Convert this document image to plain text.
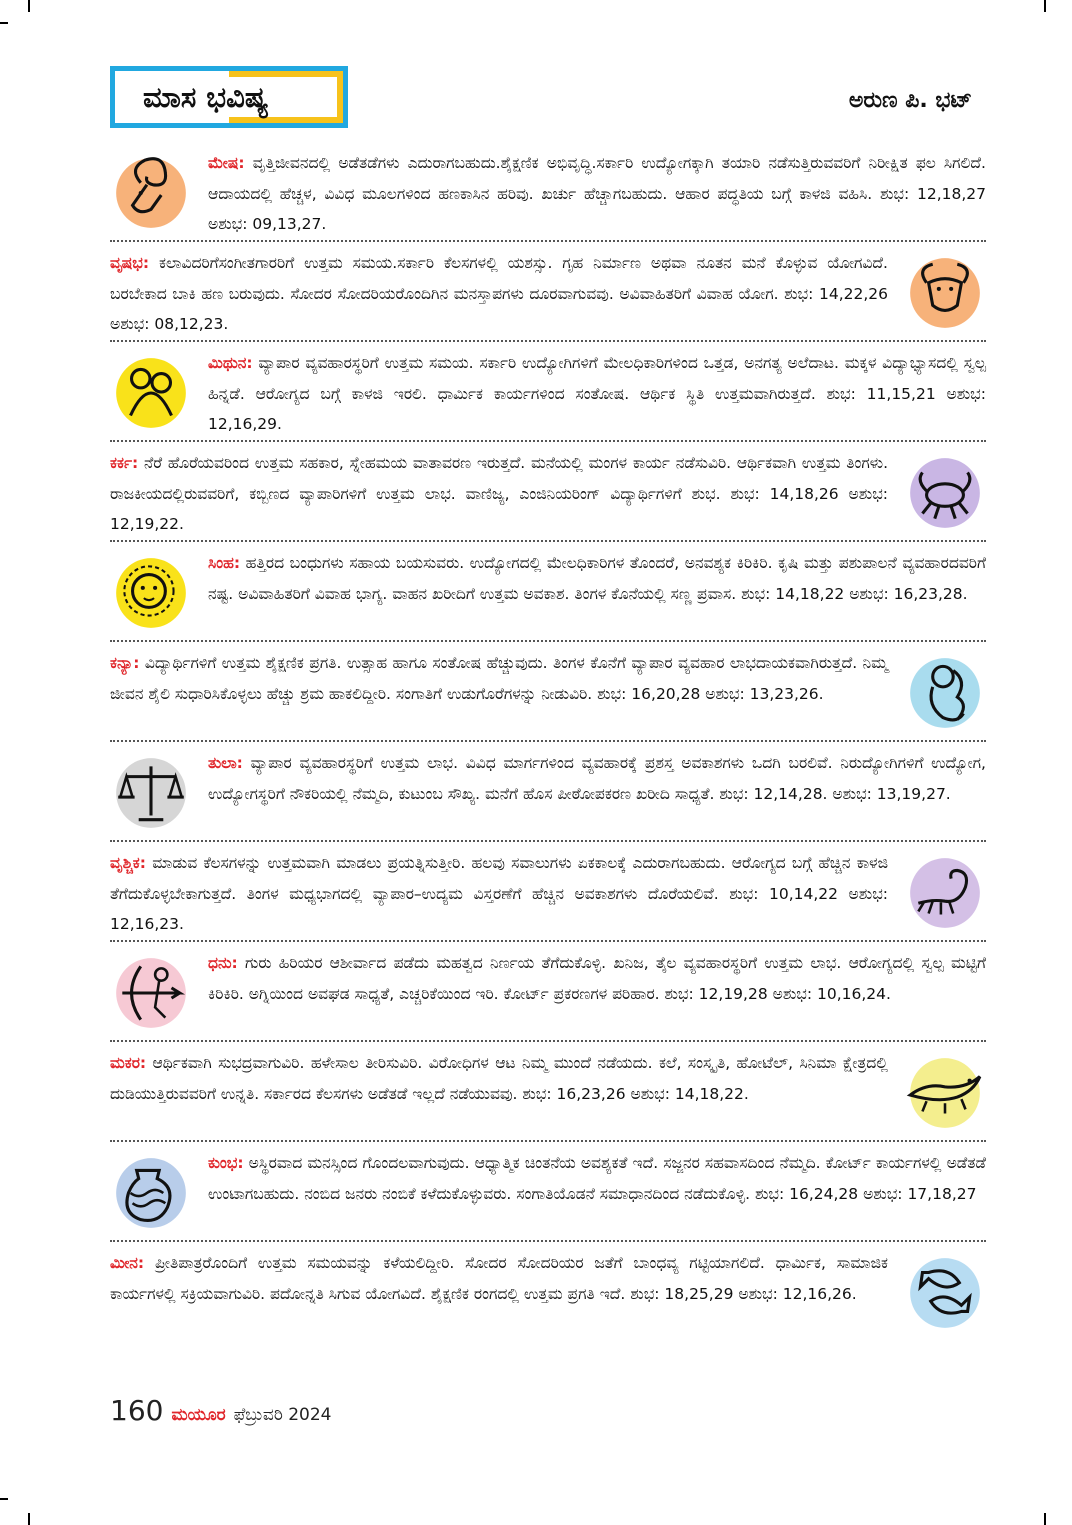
ಮಾಸ ಭವಿಷ್ಯ	ಅರುಣ ಪಿ. ಭಟ್
ಮೇಷ: ವೃತ್ತಿಜೀವನದಲ್ಲಿ ಅಡೆತಡೆಗಳು ಎದುರಾಗಬಹುದು.ಶೈಕ್ಷಣಿಕ ಅಭಿವೃದ್ಧಿ.ಸರ್ಕಾರಿ ಉದ್ಯೋಗಕ್ಕಾಗಿ ತಯಾರಿ ನಡೆಸುತ್ತಿರುವವರಿಗೆ ನಿರೀಕ್ಷಿತ ಫಲ ಸಿಗಲಿದೆ. ಆದಾಯದಲ್ಲಿ ಹೆಚ್ಚಳ, ವಿವಿಧ ಮೂಲಗಳಿಂದ ಹಣಕಾಸಿನ ಹರಿವು. ಖರ್ಚು ಹೆಚ್ಚಾಗಬಹುದು. ಆಹಾರ ಪದ್ಧತಿಯ ಬಗ್ಗೆ ಕಾಳಜಿ ವಹಿಸಿ. ಶುಭ: 12,18,27 ಅಶುಭ: 09,13,27.
ವೃಷಭ: ಕಲಾವಿದರಿಗೆಸಂಗೀತಗಾರರಿಗೆ ಉತ್ತಮ ಸಮಯ.ಸರ್ಕಾರಿ ಕೆಲಸಗಳಲ್ಲಿ ಯಶಸ್ಸು. ಗೃಹ ನಿರ್ಮಾಣ ಅಥವಾ ನೂತನ ಮನೆ ಕೊಳ್ಳುವ ಯೋಗವಿದೆ. ಬರಬೇಕಾದ ಬಾಕಿ ಹಣ ಬರುವುದು. ಸೋದರ ಸೋದರಿಯರೊಂದಿಗಿನ ಮನಸ್ತಾಪಗಳು ದೂರವಾಗುವವು. ಅವಿವಾಹಿತರಿಗೆ ವಿವಾಹ ಯೋಗ. ಶುಭ: 14,22,26 ಅಶುಭ: 08,12,23.
ಮಿಥುನ: ವ್ಯಾಪಾರ ವ್ಯವಹಾರಸ್ಥರಿಗೆ ಉತ್ತಮ ಸಮಯ. ಸರ್ಕಾರಿ ಉದ್ಯೋಗಿಗಳಿಗೆ ಮೇಲಧಿಕಾರಿಗಳಿಂದ ಒತ್ತಡ, ಅನಗತ್ಯ ಅಲೆದಾಟ. ಮಕ್ಕಳ ವಿದ್ಯಾಭ್ಯಾಸದಲ್ಲಿ ಸ್ವಲ್ಪ ಹಿನ್ನಡೆ. ಆರೋಗ್ಯದ ಬಗ್ಗೆ ಕಾಳಜಿ ಇರಲಿ. ಧಾರ್ಮಿಕ ಕಾರ್ಯಗಳಿಂದ ಸಂತೋಷ. ಆರ್ಥಿಕ ಸ್ಥಿತಿ ಉತ್ತಮವಾಗಿರುತ್ತದೆ. ಶುಭ: 11,15,21 ಅಶುಭ: 12,16,29.
ಕರ್ಕ: ನೆರೆ ಹೊರೆಯವರಿಂದ ಉತ್ತಮ ಸಹಕಾರ, ಸ್ನೇಹಮಯ ವಾತಾವರಣ ಇರುತ್ತದೆ. ಮನೆಯಲ್ಲಿ ಮಂಗಳ ಕಾರ್ಯ ನಡೆಸುವಿರಿ. ಆರ್ಥಿಕವಾಗಿ ಉತ್ತಮ ತಿಂಗಳು. ರಾಜಕೀಯದಲ್ಲಿರುವವರಿಗೆ, ಕಬ್ಬಿಣದ ವ್ಯಾಪಾರಿಗಳಿಗೆ ಉತ್ತಮ ಲಾಭ. ವಾಣಿಜ್ಯ, ಎಂಜಿನಿಯರಿಂಗ್ ವಿದ್ಯಾರ್ಥಿಗಳಿಗೆ ಶುಭ. ಶುಭ: 14,18,26 ಅಶುಭ: 12,19,22.
ಸಿಂಹ: ಹತ್ತಿರದ ಬಂಧುಗಳು ಸಹಾಯ ಬಯಸುವರು. ಉದ್ಯೋಗದಲ್ಲಿ ಮೇಲಧಿಕಾರಿಗಳ ತೊಂದರೆ, ಅನವಶ್ಯಕ ಕಿರಿಕಿರಿ. ಕೃಷಿ ಮತ್ತು ಪಶುಪಾಲನೆ ವ್ಯವಹಾರದವರಿಗೆ ನಷ್ಟ. ಅವಿವಾಹಿತರಿಗೆ ವಿವಾಹ ಭಾಗ್ಯ. ವಾಹನ ಖರೀದಿಗೆ ಉತ್ತಮ ಅವಕಾಶ. ತಿಂಗಳ ಕೊನೆಯಲ್ಲಿ ಸಣ್ಣ ಪ್ರವಾಸ. ಶುಭ: 14,18,22 ಅಶುಭ: 16,23,28.
ಕನ್ಯಾ: ವಿದ್ಯಾರ್ಥಿಗಳಿಗೆ ಉತ್ತಮ ಶೈಕ್ಷಣಿಕ ಪ್ರಗತಿ. ಉತ್ಸಾಹ ಹಾಗೂ ಸಂತೋಷ ಹೆಚ್ಚುವುದು. ತಿಂಗಳ ಕೊನೆಗೆ ವ್ಯಾಪಾರ ವ್ಯವಹಾರ ಲಾಭದಾಯಕವಾಗಿರುತ್ತದೆ. ನಿಮ್ಮ ಜೀವನ ಶೈಲಿ ಸುಧಾರಿಸಿಕೊಳ್ಳಲು ಹೆಚ್ಚು ಶ್ರಮ ಹಾಕಲಿದ್ದೀರಿ. ಸಂಗಾತಿಗೆ ಉಡುಗೊರೆಗಳನ್ನು ನೀಡುವಿರಿ. ಶುಭ: 16,20,28 ಅಶುಭ: 13,23,26.
ತುಲಾ: ವ್ಯಾಪಾರ ವ್ಯವಹಾರಸ್ಥರಿಗೆ ಉತ್ತಮ ಲಾಭ. ವಿವಿಧ ಮಾರ್ಗಗಳಿಂದ ವ್ಯವಹಾರಕ್ಕೆ ಪ್ರಶಸ್ತ ಅವಕಾಶಗಳು ಒದಗಿ ಬರಲಿವೆ. ನಿರುದ್ಯೋಗಿಗಳಿಗೆ ಉದ್ಯೋಗ, ಉದ್ಯೋಗಸ್ಥರಿಗೆ ನೌಕರಿಯಲ್ಲಿ ನೆಮ್ಮದಿ, ಕುಟುಂಬ ಸೌಖ್ಯ. ಮನೆಗೆ ಹೊಸ ಪೀಠೋಪಕರಣ ಖರೀದಿ ಸಾಧ್ಯತೆ. ಶುಭ: 12,14,28. ಅಶುಭ: 13,19,27.
ವೃಶ್ಚಿಕ: ಮಾಡುವ ಕೆಲಸಗಳನ್ನು ಉತ್ತಮವಾಗಿ ಮಾಡಲು ಪ್ರಯತ್ನಿಸುತ್ತೀರಿ. ಹಲವು ಸವಾಲುಗಳು ಏಕಕಾಲಕ್ಕೆ ಎದುರಾಗಬಹುದು. ಆರೋಗ್ಯದ ಬಗ್ಗೆ ಹೆಚ್ಚಿನ ಕಾಳಜಿ ತೆಗೆದುಕೊಳ್ಳಬೇಕಾಗುತ್ತದೆ. ತಿಂಗಳ ಮಧ್ಯಭಾಗದಲ್ಲಿ ವ್ಯಾಪಾರ–ಉದ್ಯಮ ವಿಸ್ತರಣೆಗೆ ಹೆಚ್ಚಿನ ಅವಕಾಶಗಳು ದೊರೆಯಲಿವೆ. ಶುಭ: 10,14,22 ಅಶುಭ: 12,16,23.
ಧನು: ಗುರು ಹಿರಿಯರ ಆಶೀರ್ವಾದ ಪಡೆದು ಮಹತ್ವದ ನಿರ್ಣಯ ತೆಗೆದುಕೊಳ್ಳಿ. ಖನಿಜ, ತೈಲ ವ್ಯವಹಾರಸ್ಥರಿಗೆ ಉತ್ತಮ ಲಾಭ. ಆರೋಗ್ಯದಲ್ಲಿ ಸ್ವಲ್ಪ ಮಟ್ಟಿಗೆ ಕಿರಿಕಿರಿ. ಅಗ್ನಿಯಿಂದ ಅವಘಡ ಸಾಧ್ಯತೆ, ಎಚ್ಚರಿಕೆಯಿಂದ ಇರಿ. ಕೋರ್ಟ್ ಪ್ರಕರಣಗಳ ಪರಿಹಾರ. ಶುಭ: 12,19,28 ಅಶುಭ: 10,16,24.
ಮಕರ: ಆರ್ಥಿಕವಾಗಿ ಸುಭದ್ರವಾಗುವಿರಿ. ಹಳೇಸಾಲ ತೀರಿಸುವಿರಿ. ವಿರೋಧಿಗಳ ಆಟ ನಿಮ್ಮ ಮುಂದೆ ನಡೆಯದು. ಕಲೆ, ಸಂಸ್ಕೃತಿ, ಹೋಟೆಲ್, ಸಿನಿಮಾ ಕ್ಷೇತ್ರದಲ್ಲಿ ದುಡಿಯುತ್ತಿರುವವರಿಗೆ ಉನ್ನತಿ. ಸರ್ಕಾರದ ಕೆಲಸಗಳು ಅಡೆತಡೆ ಇಲ್ಲದೆ ನಡೆಯುವವು. ಶುಭ: 16,23,26 ಅಶುಭ: 14,18,22.
ಕುಂಭ: ಅಸ್ಥಿರವಾದ ಮನಸ್ಸಿಂದ ಗೊಂದಲವಾಗುವುದು. ಆಧ್ಯಾತ್ಮಿಕ ಚಿಂತನೆಯ ಅವಶ್ಯಕತೆ ಇದೆ. ಸಜ್ಜನರ ಸಹವಾಸದಿಂದ ನೆಮ್ಮದಿ. ಕೋರ್ಟ್ ಕಾರ್ಯಗಳಲ್ಲಿ ಅಡೆತಡೆ ಉಂಟಾಗಬಹುದು. ನಂಬಿದ ಜನರು ನಂಬಿಕೆ ಕಳೆದುಕೊಳ್ಳುವರು. ಸಂಗಾತಿಯೊಡನೆ ಸಮಾಧಾನದಿಂದ ನಡೆದುಕೊಳ್ಳಿ. ಶುಭ: 16,24,28 ಅಶುಭ: 17,18,27
ಮೀನ: ಪ್ರೀತಿಪಾತ್ರರೊಂದಿಗೆ ಉತ್ತಮ ಸಮಯವನ್ನು ಕಳೆಯಲಿದ್ದೀರಿ. ಸೋದರ ಸೋದರಿಯರ ಜತೆಗೆ ಬಾಂಧವ್ಯ ಗಟ್ಟಿಯಾಗಲಿದೆ. ಧಾರ್ಮಿಕ, ಸಾಮಾಜಿಕ ಕಾರ್ಯಗಳಲ್ಲಿ ಸಕ್ರಿಯವಾಗುವಿರಿ. ಪದೋನ್ನತಿ ಸಿಗುವ ಯೋಗವಿದೆ. ಶೈಕ್ಷಣಿಕ ರಂಗದಲ್ಲಿ ಉತ್ತಮ ಪ್ರಗತಿ ಇದೆ. ಶುಭ: 18,25,29 ಅಶುಭ: 12,16,26.
160 ಮಯೂರ ಫೆಬ್ರುವರಿ 2024
